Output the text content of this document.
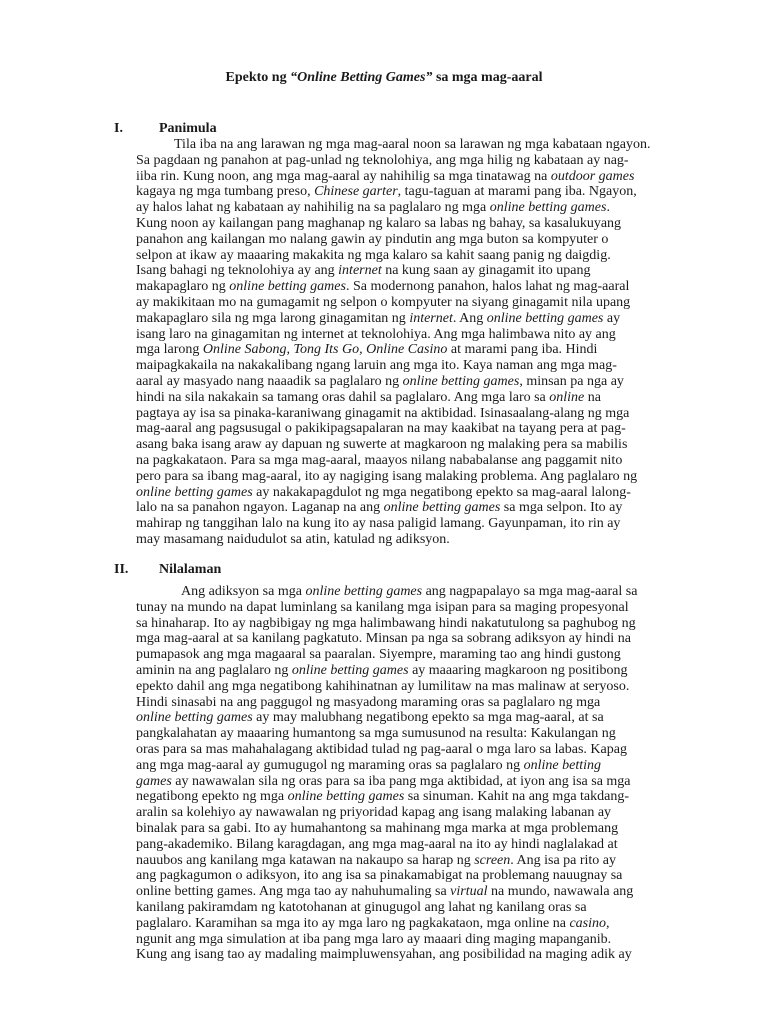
Epekto ng “Online Betting Games” sa mga mag-aaral
I.	Panimula
Tila iba na ang larawan ng mga mag-aaral noon sa larawan ng mga kabataan ngayon.
Sa pagdaan ng panahon at pag-unlad ng teknolohiya, ang mga hilig ng kabataan ay nag-
iiba rin. Kung noon, ang mga mag-aaral ay nahihilig sa mga tinatawag na outdoor games
kagaya ng mga tumbang preso, Chinese garter, tagu-taguan at marami pang iba. Ngayon,
ay halos lahat ng kabataan ay nahihilig na sa paglalaro ng mga online betting games.
Kung noon ay kailangan pang maghanap ng kalaro sa labas ng bahay, sa kasalukuyang
panahon ang kailangan mo nalang gawin ay pindutin ang mga buton sa kompyuter o
selpon at ikaw ay maaaring makakita ng mga kalaro sa kahit saang panig ng daigdig.
Isang bahagi ng teknolohiya ay ang internet na kung saan ay ginagamit ito upang
makapaglaro ng online betting games. Sa modernong panahon, halos lahat ng mag-aaral
ay makikitaan mo na gumagamit ng selpon o kompyuter na siyang ginagamit nila upang
makapaglaro sila ng mga larong ginagamitan ng internet. Ang online betting games ay
isang laro na ginagamitan ng internet at teknolohiya. Ang mga halimbawa nito ay ang
mga larong Online Sabong, Tong Its Go, Online Casino at marami pang iba. Hindi
maipagkakaila na nakakalibang ngang laruin ang mga ito. Kaya naman ang mga mag-
aaral ay masyado nang naaadik sa paglalaro ng online betting games, minsan pa nga ay
hindi na sila nakakain sa tamang oras dahil sa paglalaro. Ang mga laro sa online na
pagtaya ay isa sa pinaka-karaniwang ginagamit na aktibidad. Isinasaalang-alang ng mga
mag-aaral ang pagsusugal o pakikipagsapalaran na may kaakibat na tayang pera at pag-
asang baka isang araw ay dapuan ng suwerte at magkaroon ng malaking pera sa mabilis
na pagkakataon. Para sa mga mag-aaral, maayos nilang nababalanse ang paggamit nito
pero para sa ibang mag-aaral, ito ay nagiging isang malaking problema. Ang paglalaro ng
online betting games ay nakakapagdulot ng mga negatibong epekto sa mag-aaral lalong-
lalo na sa panahon ngayon. Laganap na ang online betting games sa mga selpon. Ito ay
mahirap ng tanggihan lalo na kung ito ay nasa paligid lamang. Gayunpaman, ito rin ay
may masamang naidudulot sa atin, katulad ng adiksyon.
II. Nilalaman
Ang adiksyon sa mga online betting games ang nagpapalayo sa mga mag-aaral sa
tunay na mundo na dapat luminlang sa kanilang mga isipan para sa maging propesyonal
sa hinaharap. Ito ay nagbibigay ng mga halimbawang hindi nakatutulong sa paghubog ng
mga mag-aaral at sa kanilang pagkatuto. Minsan pa nga sa sobrang adiksyon ay hindi na
pumapasok ang mga magaaral sa paaralan. Siyempre, maraming tao ang hindi gustong
aminin na ang paglalaro ng online betting games ay maaaring magkaroon ng positibong
epekto dahil ang mga negatibong kahihinatnan ay lumilitaw na mas malinaw at seryoso.
Hindi sinasabi na ang paggugol ng masyadong maraming oras sa paglalaro ng mga
online betting games ay may malubhang negatibong epekto sa mga mag-aaral, at sa
pangkalahatan ay maaaring humantong sa mga sumusunod na resulta: Kakulangan ng
oras para sa mas mahahalagang aktibidad tulad ng pag-aaral o mga laro sa labas. Kapag
ang mga mag-aaral ay gumugugol ng maraming oras sa paglalaro ng online betting
games ay nawawalan sila ng oras para sa iba pang mga aktibidad, at iyon ang isa sa mga
negatibong epekto ng mga online betting games sa sinuman. Kahit na ang mga takdang-
aralin sa kolehiyo ay nawawalan ng priyoridad kapag ang isang malaking labanan ay
binalak para sa gabi. Ito ay humahantong sa mahinang mga marka at mga problemang
pang-akademiko. Bilang karagdagan, ang mga mag-aaral na ito ay hindi naglalakad at
nauubos ang kanilang mga katawan na nakaupo sa harap ng screen. Ang isa pa rito ay
ang pagkagumon o adiksyon, ito ang isa sa pinakamabigat na problemang nauugnay sa
online betting games. Ang mga tao ay nahuhumaling sa virtual na mundo, nawawala ang
kanilang pakiramdam ng katotohanan at ginugugol ang lahat ng kanilang oras sa
paglalaro. Karamihan sa mga ito ay mga laro ng pagkakataon, mga online na casino,
ngunit ang mga simulation at iba pang mga laro ay maaari ding maging mapanganib.
Kung ang isang tao ay madaling maimpluwensyahan, ang posibilidad na maging adik ay
